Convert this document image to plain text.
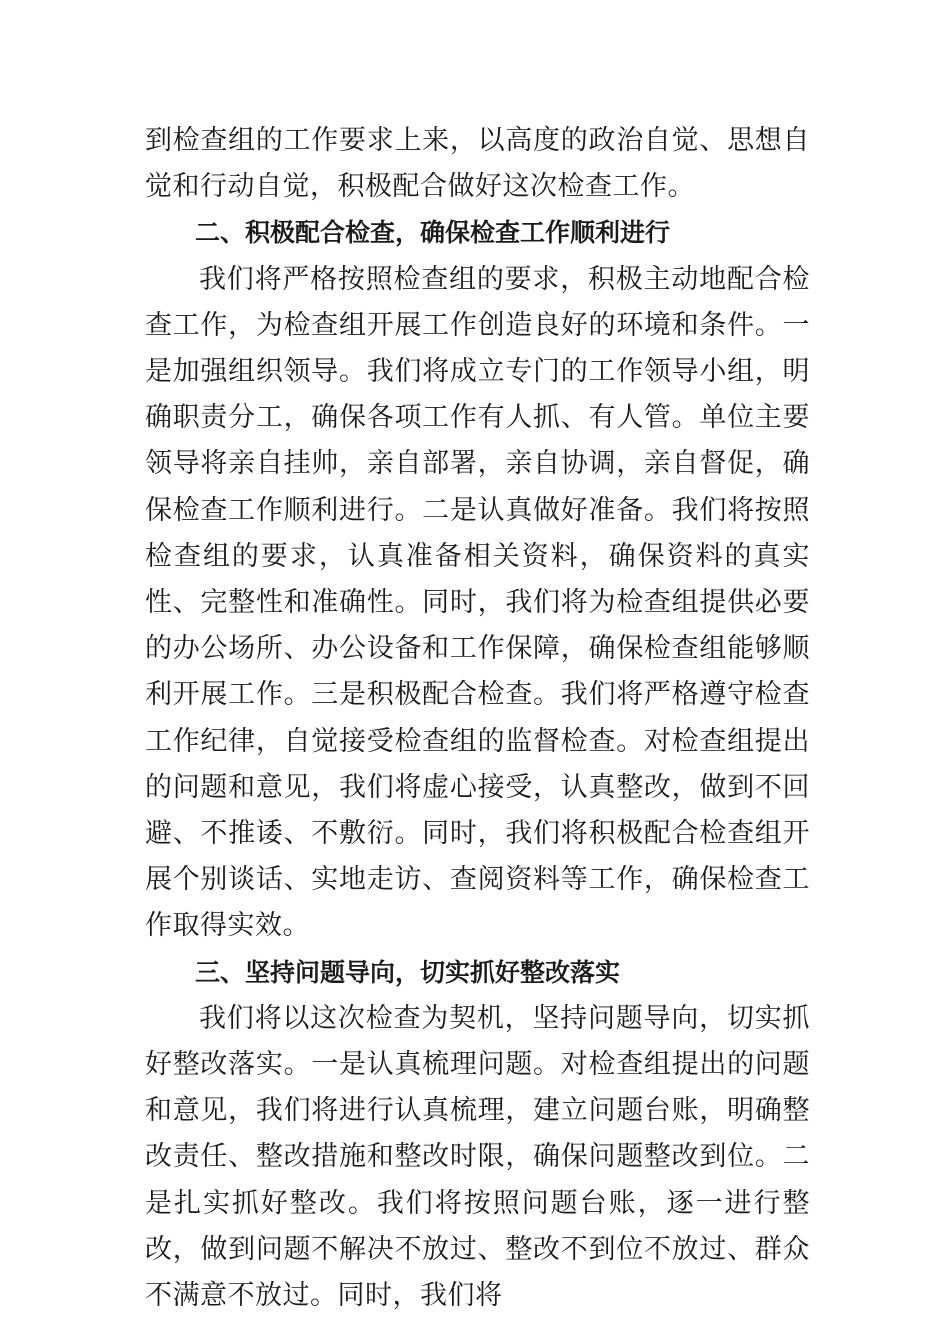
到检查组的工作要求上来，以高度的政治自觉、思想自觉和行动自觉，积极配合做好这次检查工作。

二、积极配合检查，确保检查工作顺利进行

我们将严格按照检查组的要求，积极主动地配合检查工作，为检查组开展工作创造良好的环境和条件。一是加强组织领导。我们将成立专门的工作领导小组，明确职责分工，确保各项工作有人抓、有人管。单位主要领导将亲自挂帅，亲自部署，亲自协调，亲自督促，确保检查工作顺利进行。二是认真做好准备。我们将按照检查组的要求，认真准备相关资料，确保资料的真实性、完整性和准确性。同时，我们将为检查组提供必要的办公场所、办公设备和工作保障，确保检查组能够顺利开展工作。三是积极配合检查。我们将严格遵守检查工作纪律，自觉接受检查组的监督检查。对检查组提出的问题和意见，我们将虚心接受，认真整改，做到不回避、不推诿、不敷衍。同时，我们将积极配合检查组开展个别谈话、实地走访、查阅资料等工作，确保检查工作取得实效。

三、坚持问题导向，切实抓好整改落实

我们将以这次检查为契机，坚持问题导向，切实抓好整改落实。一是认真梳理问题。对检查组提出的问题和意见，我们将进行认真梳理，建立问题台账，明确整改责任、整改措施和整改时限，确保问题整改到位。二是扎实抓好整改。我们将按照问题台账，逐一进行整改，做到问题不解决不放过、整改不到位不放过、群众不满意不放过。同时，我们将
